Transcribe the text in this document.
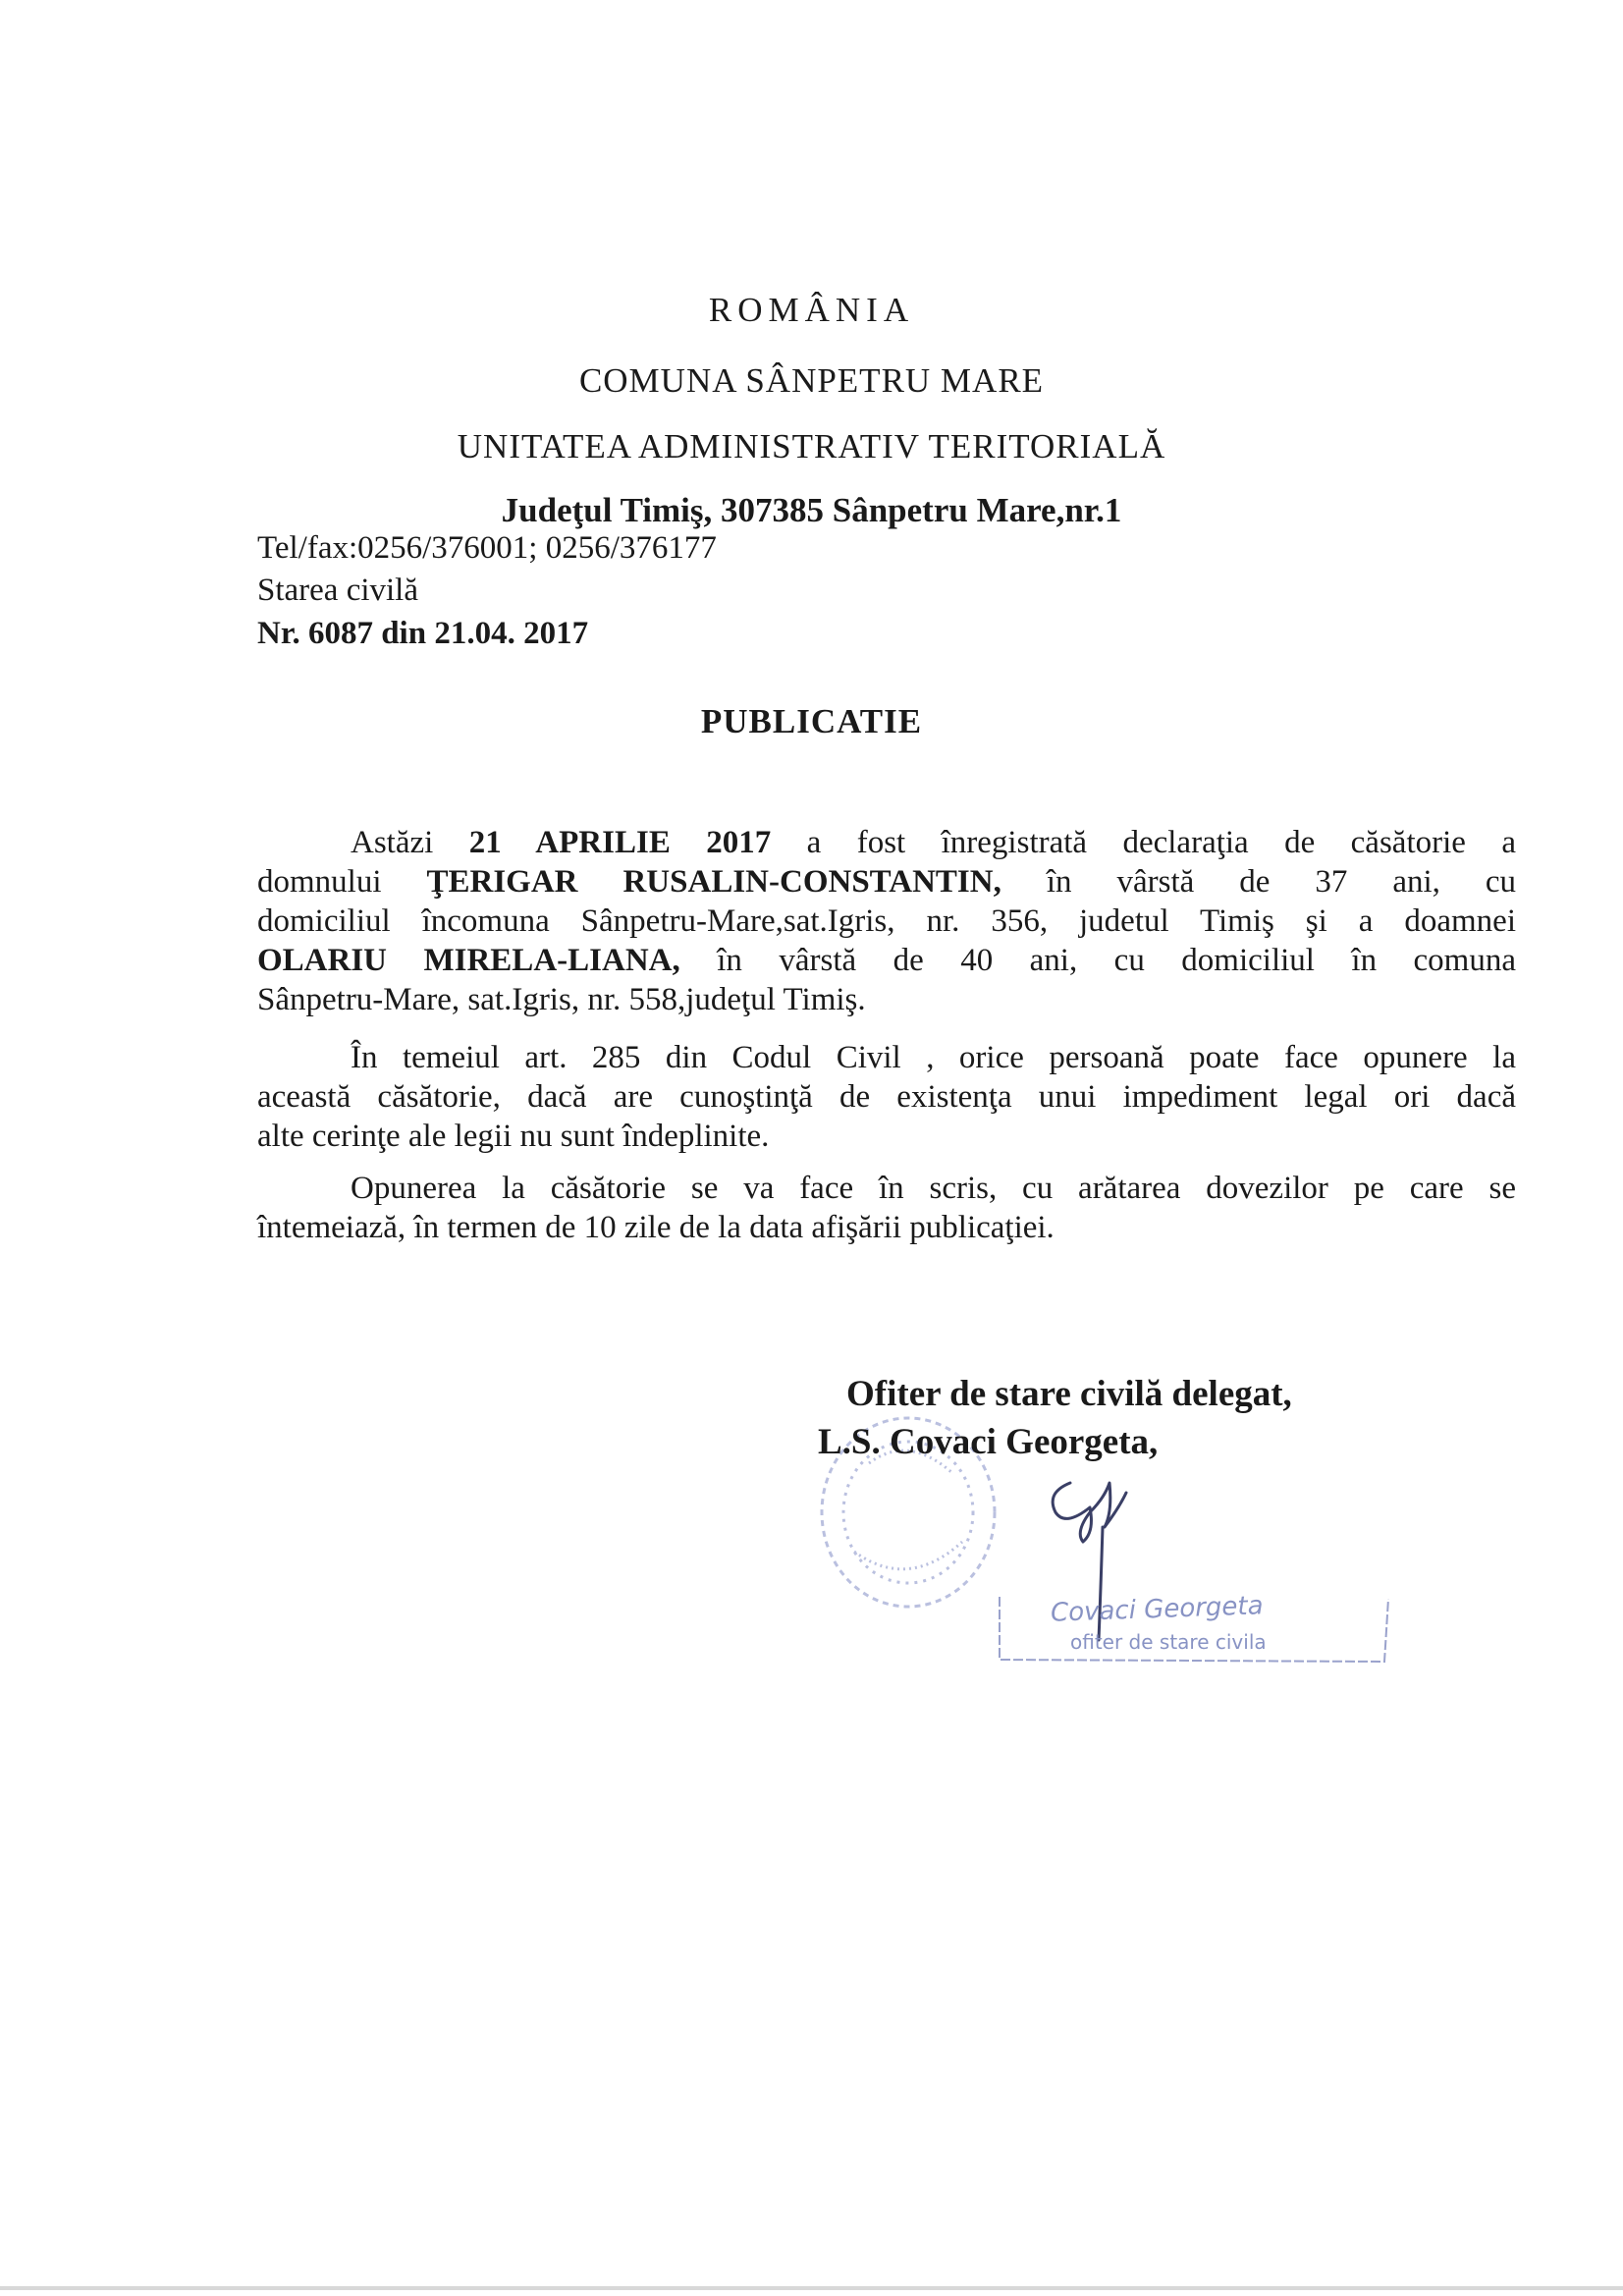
ROMÂNIA
COMUNA SÂNPETRU MARE
UNITATEA ADMINISTRATIV TERITORIALĂ
Judeţul Timiş, 307385 Sânpetru Mare,nr.1
Tel/fax:0256/376001; 0256/376177
Starea civilă
Nr. 6087 din 21.04. 2017
PUBLICATIE
Astăzi 21 APRILIE 2017 a fost înregistrată declaraţia de căsătorie a
domnului ŢERIGAR RUSALIN-CONSTANTIN, în vârstă de 37 ani, cu
domiciliul încomuna Sânpetru-Mare,sat.Igris, nr. 356, judetul Timiş şi a doamnei
OLARIU MIRELA-LIANA, în vârstă de 40 ani, cu domiciliul în comuna
Sânpetru-Mare, sat.Igris, nr. 558,judeţul Timiş.
În temeiul art. 285 din Codul Civil , orice persoană poate face opunere la
această căsătorie, dacă are cunoştinţă de existenţa unui impediment legal ori dacă
alte cerinţe ale legii nu sunt îndeplinite.
Opunerea la căsătorie se va face în scris, cu arătarea dovezilor pe care se
întemeiază, în termen de 10 zile de la data afişării publicaţiei.
Ofiter de stare civilă delegat,
L.S. Covaci Georgeta,
Covaci Georgeta
ofiter de stare civila
